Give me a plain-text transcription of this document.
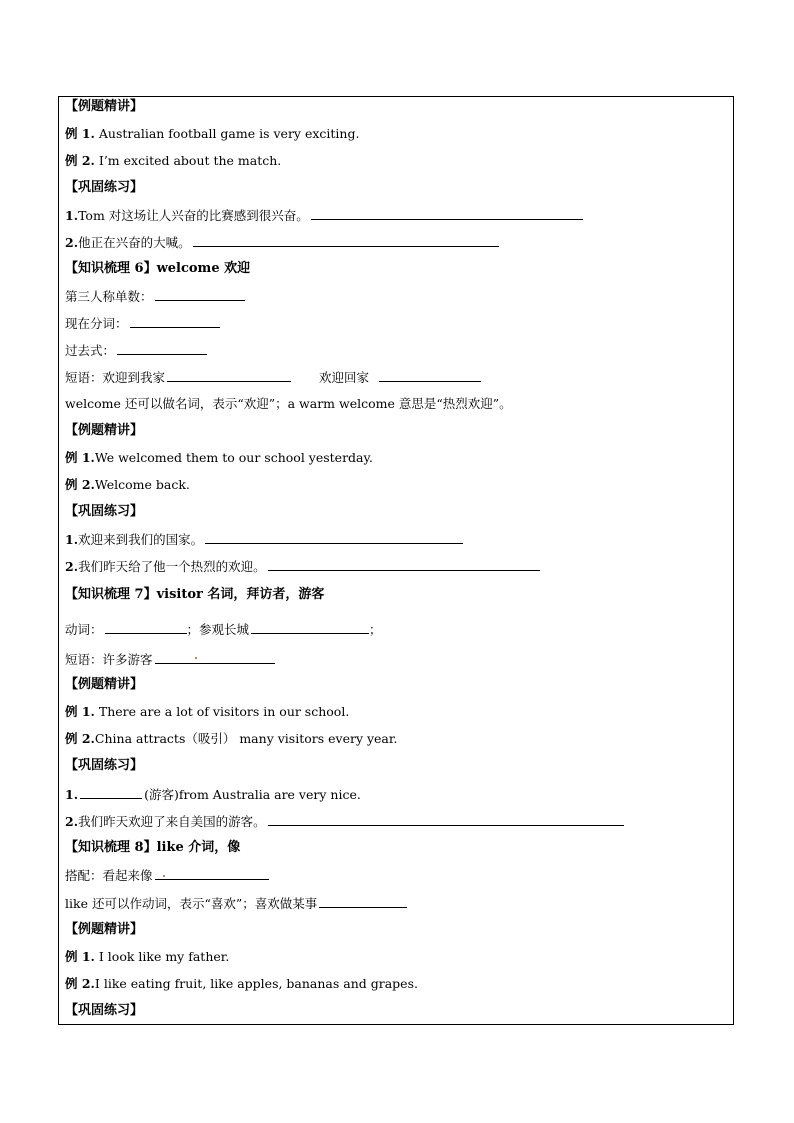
【例题精讲】
例 1. Australian football game is very exciting.
例 2. I’m excited about the match.
【巩固练习】
1.Tom 对这场让人兴奋的比赛感到很兴奋。
2.他正在兴奋的大喊。
【知识梳理 6】welcome 欢迎
第三人称单数：
现在分词：
过去式：
短语：欢迎到我家	欢迎回家
welcome 还可以做名词，表示“欢迎”；a warm welcome 意思是“热烈欢迎”。
【例题精讲】
例 1.We welcomed them to our school yesterday.
例 2.Welcome back.
【巩固练习】
1.欢迎来到我们的国家。
2.我们昨天给了他一个热烈的欢迎。
【知识梳理 7】visitor 名词，拜访者，游客
动词：	；参观长城	；
短语：许多游客
【例题精讲】
例 1. There are a lot of visitors in our school.
例 2.China attracts（吸引） many visitors every year.
【巩固练习】
1.	(游客)from Australia are very nice.
2.我们昨天欢迎了来自美国的游客。
【知识梳理 8】like 介词，像
搭配：看起来像
like 还可以作动词，表示“喜欢”；喜欢做某事
【例题精讲】
例 1. I look like my father.
例 2.I like eating fruit, like apples, bananas and grapes.
【巩固练习】
